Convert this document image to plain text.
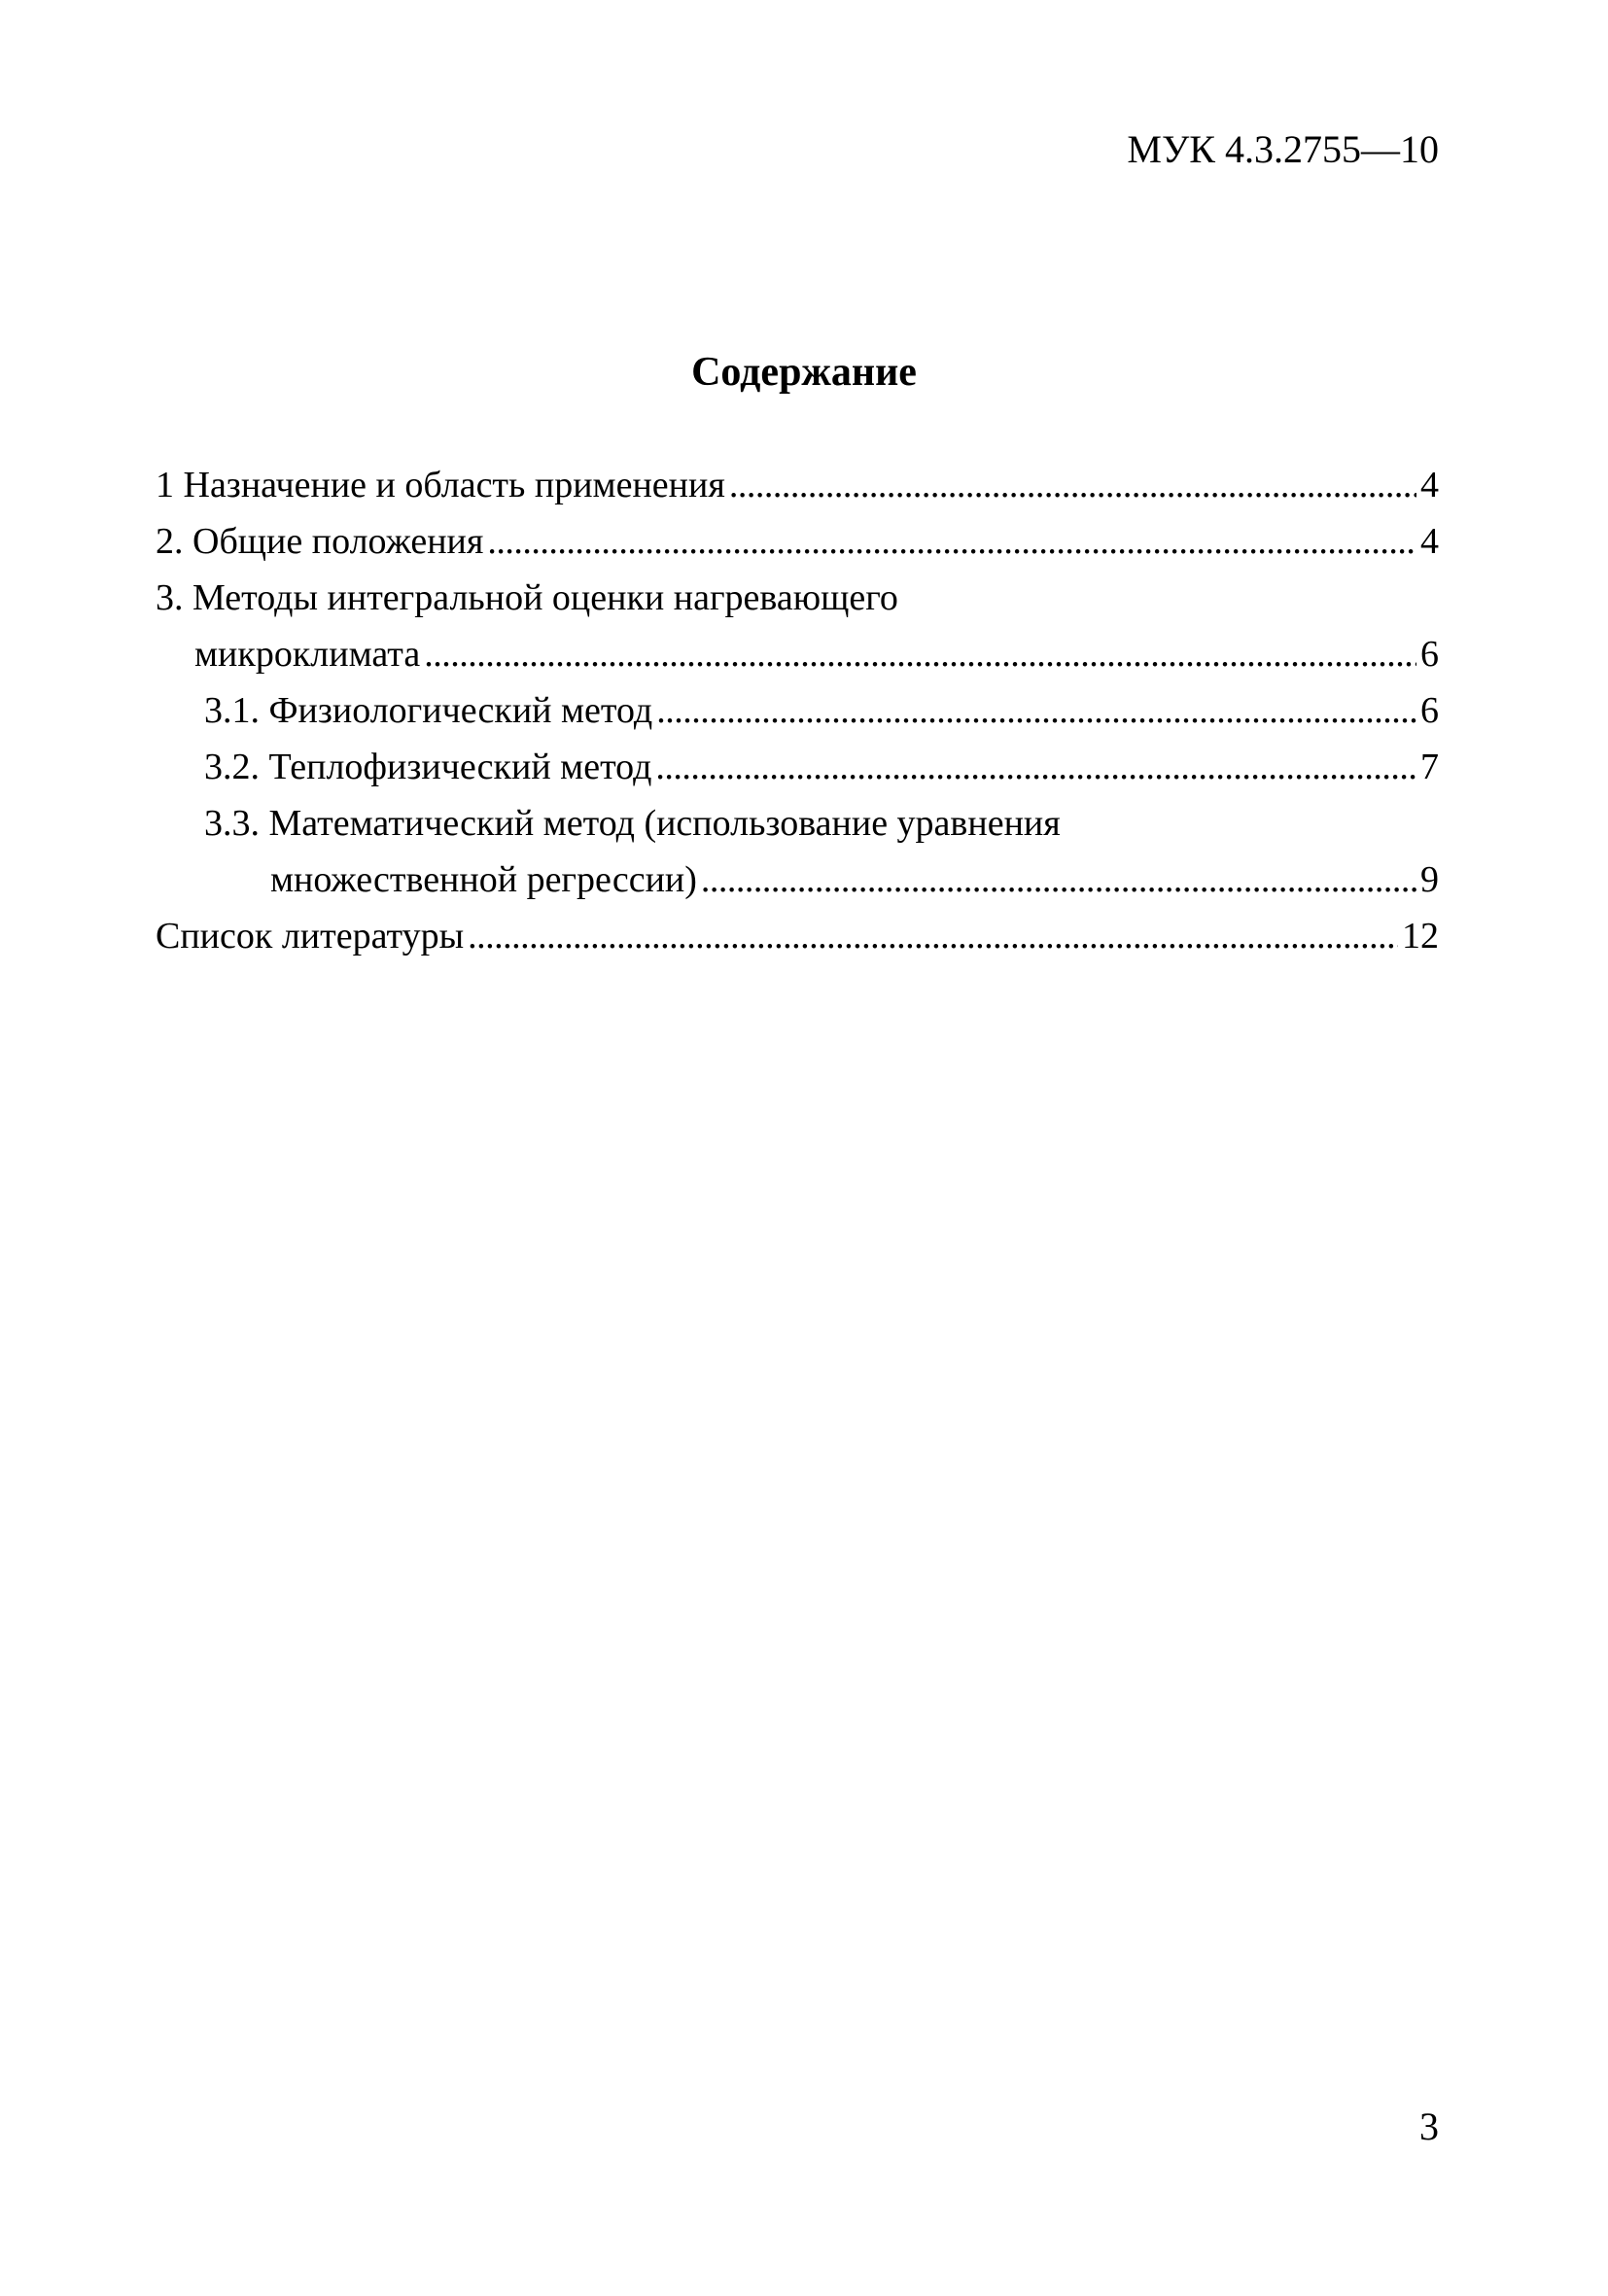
МУК 4.3.2755—10
Содержание
1 Назначение и область применения . . .	4
2. Общие положения . . .	4
3. Методы интегральной оценки нагревающего
микроклимата . . .	6
3.1. Физиологический метод . . .	6
3.2. Теплофизический метод . . .	7
3.3. Математический метод (использование уравнения
множественной регрессии) . . .	9
Список литературы . . .	12
3
